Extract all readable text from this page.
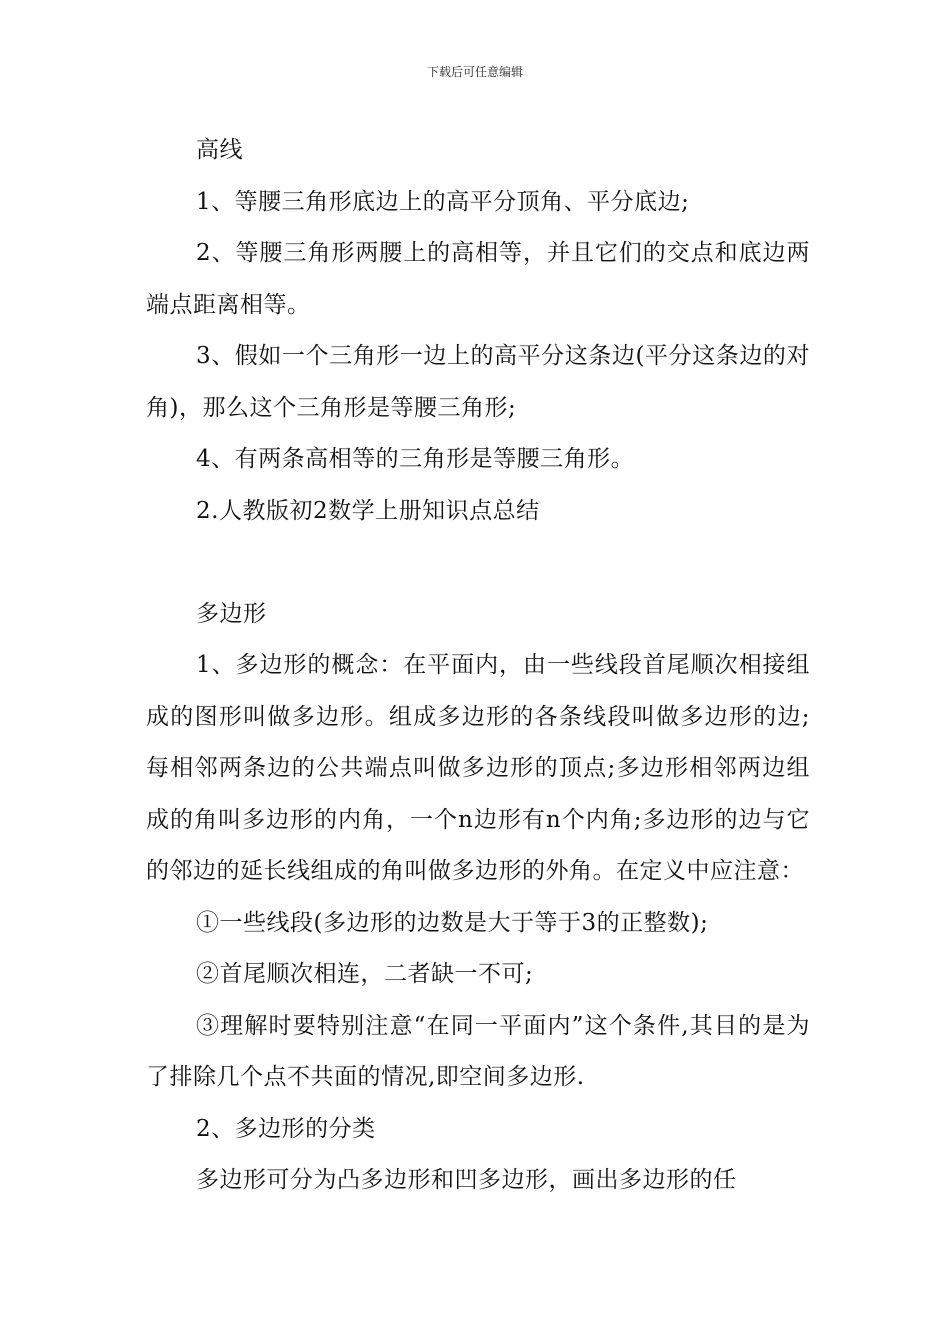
下载后可任意编辑

高线

1、等腰三角形底边上的高平分顶角、平分底边;

2、等腰三角形两腰上的高相等，并且它们的交点和底边两端点距离相等。

3、假如一个三角形一边上的高平分这条边(平分这条边的对角)，那么这个三角形是等腰三角形;

4、有两条高相等的三角形是等腰三角形。

2.人教版初2数学上册知识点总结

多边形

1、多边形的概念：在平面内，由一些线段首尾顺次相接组成的图形叫做多边形。组成多边形的各条线段叫做多边形的边;每相邻两条边的公共端点叫做多边形的顶点;多边形相邻两边组成的角叫多边形的内角，一个n边形有n个内角;多边形的边与它的邻边的延长线组成的角叫做多边形的外角。在定义中应注意：

①一些线段(多边形的边数是大于等于3的正整数);

②首尾顺次相连，二者缺一不可;

③理解时要特别注意“在同一平面内”这个条件,其目的是为了排除几个点不共面的情况,即空间多边形.

2、多边形的分类

多边形可分为凸多边形和凹多边形，画出多边形的任
